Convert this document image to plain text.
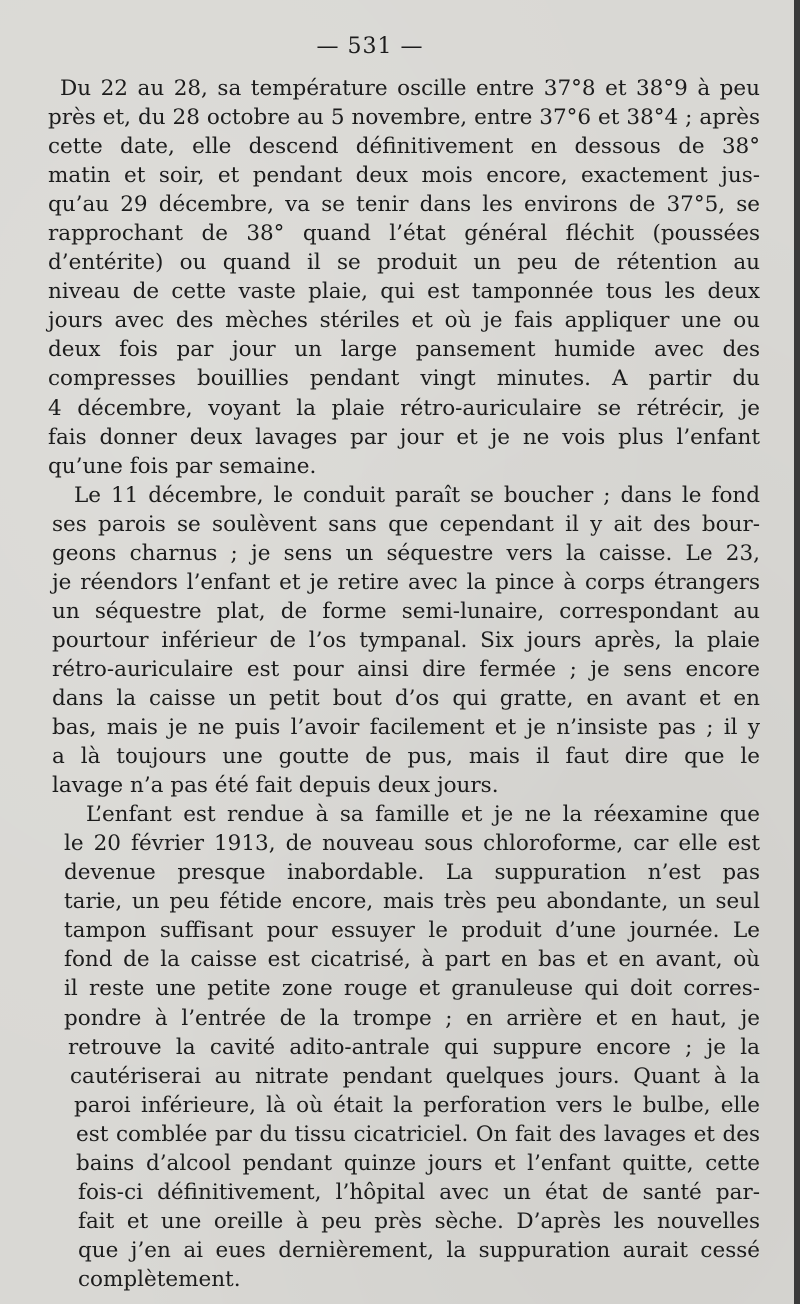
— 531 —
Du 22 au 28, sa température oscille entre 37°8 et 38°9 à peu
près et, du 28 octobre au 5 novembre, entre 37°6 et 38°4 ; après
cette date, elle descend définitivement en dessous de 38°
matin et soir, et pendant deux mois encore, exactement jus-
qu’au 29 décembre, va se tenir dans les environs de 37°5, se
rapprochant de 38° quand l’état général fléchit (poussées
d’entérite) ou quand il se produit un peu de rétention au
niveau de cette vaste plaie, qui est tamponnée tous les deux
jours avec des mèches stériles et où je fais appliquer une ou
deux fois par jour un large pansement humide avec des
compresses bouillies pendant vingt minutes. A partir du
4 décembre, voyant la plaie rétro-auriculaire se rétrécir, je
fais donner deux lavages par jour et je ne vois plus l’enfant
qu’une fois par semaine.
Le 11 décembre, le conduit paraît se boucher ; dans le fond
ses parois se soulèvent sans que cependant il y ait des bour-
geons charnus ; je sens un séquestre vers la caisse. Le 23,
je réendors l’enfant et je retire avec la pince à corps étrangers
un séquestre plat, de forme semi-lunaire, correspondant au
pourtour inférieur de l’os tympanal. Six jours après, la plaie
rétro-auriculaire est pour ainsi dire fermée ; je sens encore
dans la caisse un petit bout d’os qui gratte, en avant et en
bas, mais je ne puis l’avoir facilement et je n’insiste pas ; il y
a là toujours une goutte de pus, mais il faut dire que le
lavage n’a pas été fait depuis deux jours.
L’enfant est rendue à sa famille et je ne la réexamine que
le 20 février 1913, de nouveau sous chloroforme, car elle est
devenue presque inabordable. La suppuration n’est pas
tarie, un peu fétide encore, mais très peu abondante, un seul
tampon suffisant pour essuyer le produit d’une journée. Le
fond de la caisse est cicatrisé, à part en bas et en avant, où
il reste une petite zone rouge et granuleuse qui doit corres-
pondre à l’entrée de la trompe ; en arrière et en haut, je
retrouve la cavité adito-antrale qui suppure encore ; je la
cautériserai au nitrate pendant quelques jours. Quant à la
paroi inférieure, là où était la perforation vers le bulbe, elle
est comblée par du tissu cicatriciel. On fait des lavages et des
bains d’alcool pendant quinze jours et l’enfant quitte, cette
fois-ci définitivement, l’hôpital avec un état de santé par-
fait et une oreille à peu près sèche. D’après les nouvelles
que j’en ai eues dernièrement, la suppuration aurait cessé
complètement.
